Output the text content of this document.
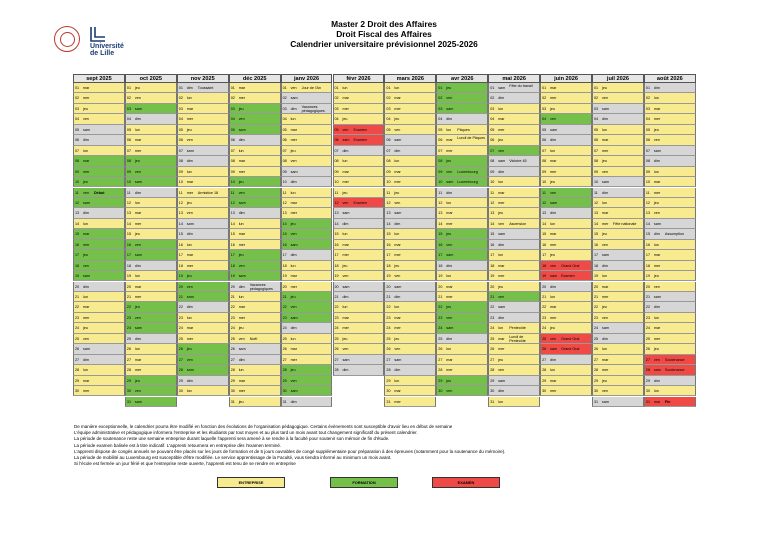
Université
de Lille
Master 2 Droit des Affaires
Droit Fiscal des Affaires
Calendrier universitaire prévisionnel 2025-2026
sept 2025
01 mar
02 mer
03 jeu
04 ven
05 sam
06 dim
07 lun
08 mar
09 mer
10 jeu
11 ven Début
12 sam
13 dim
14 lun
15 mar
16 mer
17 jeu
18 ven
19 sam
20 dim
21 lun
22 mar
23 mer
24 jeu
25 ven
26 sam
27 dim
28 lun
29 mar
30 mer
oct 2025
01 jeu
02 ven
03 sam
04 dim
05 lun
06 mar
07 mer
08 jeu
09 ven
10 sam
11 dim
12 lun
13 mar
14 mer
15 jeu
16 ven
17 sam
18 dim
19 lun
20 mar
21 mer
22 jeu
23 ven
24 sam
25 dim
26 lun
27 mar
28 mer
29 jeu
30 ven
31 sam
nov 2025
01 dim Toussaint
02 lun
03 mar
04 mer
05 jeu
06 ven
07 sam
08 dim
09 lun
10 mar
11 mer Armistice 18
12 jeu
13 ven
14 sam
15 dim
16 lun
17 mar
18 mer
19 jeu
20 ven
21 sam
22 dim
23 lun
24 mar
25 mer
26 jeu
27 ven
28 sam
29 dim
30 lun
déc 2025
01 mar
02 mer
03 jeu
04 ven
05 sam
06 dim
07 lun
08 mar
09 mer
10 jeu
11 ven
12 sam
13 dim
14 lun
15 mar
16 mer
17 jeu
18 ven
19 sam
20 dim Vacances pédagogiques
21 lun
22 mar
23 mer
24 jeu
25 ven Noël
26 sam
27 dim
28 lun
29 mar
30 mer
31 jeu
janv 2026
01 ven Jour de l'An
02 sam
03 dim Vacances pédagogiques
04 lun
05 mar
06 mer
07 jeu
08 ven
09 sam
10 dim
11 lun
12 mar
13 mer
14 jeu
15 ven
16 sam
17 dim
18 lun
19 mar
20 mer
21 jeu
22 ven
23 sam
24 dim
25 lun
26 mar
27 mer
28 jeu
29 ven
30 sam
31 dim
févr 2026
01 lun
02 mar
03 mer
04 jeu
05 ven Examen
06 sam Examen
07 dim
08 lun
09 mar
10 mer
11 jeu
12 ven Examen
13 sam
14 dim
15 lun
16 mar
17 mer
18 jeu
19 ven
20 sam
21 dim
22 lun
23 mar
24 mer
25 jeu
26 ven
27 sam
28 dim
mars 2026
01 lun
02 mar
03 mer
04 jeu
05 ven
06 sam
07 dim
08 lun
09 mar
10 mer
11 jeu
12 ven
13 sam
14 dim
15 lun
16 mar
17 mer
18 jeu
19 ven
20 sam
21 dim
22 lun
23 mar
24 mer
25 jeu
26 ven
27 sam
28 dim
29 lun
30 mar
31 mer
avr 2026
01 jeu
02 ven
03 sam
04 dim
05 lun Pâques
06 mar Lundi de Pâques
07 mer
08 jeu
09 ven Luxembourg
10 sam Luxembourg
11 dim
12 lun
13 mar
14 mer
15 jeu
16 ven
17 sam
18 dim
19 lun
20 mar
21 mer
22 jeu
23 ven
24 sam
25 dim
26 lun
27 mar
28 mer
29 jeu
30 ven
mai 2026
01 sam Fête du travail
02 dim
03 lun
04 mar
05 mer
06 jeu
07 ven
08 sam Victoire 45
09 dim
10 lun
11 mar
12 mer
13 jeu
14 ven Ascension
15 sam
16 dim
17 lun
18 mar
19 mer
20 jeu
21 ven
22 sam
23 dim
24 lun Pentecôte
25 mar Lundi de Pentecôte
26 mer
27 jeu
28 ven
29 sam
30 dim
31 lun
juin 2026
01 mar
02 mer
03 jeu
04 ven
05 sam
06 dim
07 lun
08 mar
09 mer
10 jeu
11 ven
12 sam
13 dim
14 lun
15 mar
16 mer
17 jeu
18 ven Grand Oral
19 sam Examen
20 dim
21 lun
22 mar
23 mer
24 jeu
25 ven Grand Oral
26 sam Grand Oral
27 dim
28 lun
29 mar
30 mer
juil 2026
01 jeu
02 ven
03 sam
04 dim
05 lun
06 mar
07 mer
08 jeu
09 ven
10 sam
11 dim
12 lun
13 mar
14 mer Fête nationale
15 jeu
16 ven
17 sam
18 dim
19 lun
20 mar
21 mer
22 jeu
23 ven
24 sam
25 dim
26 lun
27 mar
28 mer
29 jeu
30 ven
31 sam
août 2026
01 dim
02 lun
03 mar
04 mer
05 jeu
06 ven
07 sam
08 dim
09 lun
10 mar
11 mer
12 jeu
13 ven
14 sam
15 dim Assomption
16 lun
17 mar
18 mer
19 jeu
20 ven
21 sam
22 dim
23 lun
24 mar
25 mer
26 jeu
27 ven Soutenance
28 sam Soutenance
29 dim
30 lun
31 mar Fin
De manière exceptionnelle, le calendrier pourra être modifié en fonction des évolutions de l'organisation pédagogique. Certains évènements sont susceptible d'avoir lieu en début de semaine
L'équipe administrative et pédagogique informera l'entreprise et les étudiants par tout moyen et au plus tard un mois avant tout changement significatif du présent calendrier.
La période de soutenance reste une semaine entreprise durant laquelle l'apprenti sera amené à se rendre à la faculté pour soutenir son mémoir de fin d'étude.
La période examen balisée est à titre indicatif. L'apprenti retournera en entreprise dès l'examen terminé.
L'apprenti dispose de congés annuels ne pouvant être placés sur les jours de formation et de 5 jours ouvrables de congé supplémentaire pour préparation à des épreuves (notamment pour la soutenance du mémoire).
La période de mobilité au Luxembourg est susceptible d'être modifiée. Le service apprentissage de la Faculté, vous tiendra informé au minimum un mois avant.
Si l'école est fermée un jour férié et que l'entreprise reste ouverte, l'apprenti est tenu de se rendre en entreprise
ENTREPRISE	FORMATION	EXAMEN
